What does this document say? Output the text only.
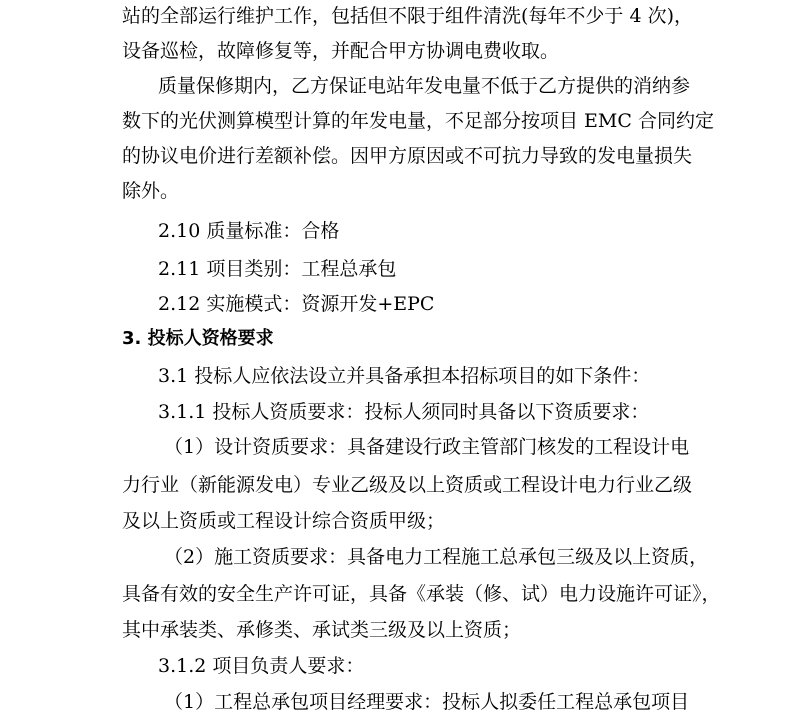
站的全部运行维护工作，包括但不限于组件清洗(每年不少于 4 次)，
设备巡检，故障修复等，并配合甲方协调电费收取。
质量保修期内，乙方保证电站年发电量不低于乙方提供的消纳参
数下的光伏测算模型计算的年发电量，不足部分按项目 EMC 合同约定
的协议电价进行差额补偿。因甲方原因或不可抗力导致的发电量损失
除外。
2.10 质量标准：合格
2.11 项目类别：工程总承包
2.12 实施模式：资源开发+EPC
3. 投标人资格要求
3.1 投标人应依法设立并具备承担本招标项目的如下条件：
3.1.1 投标人资质要求：投标人须同时具备以下资质要求：
（1）设计资质要求：具备建设行政主管部门核发的工程设计电
力行业（新能源发电）专业乙级及以上资质或工程设计电力行业乙级
及以上资质或工程设计综合资质甲级；
（2）施工资质要求：具备电力工程施工总承包三级及以上资质，
具备有效的安全生产许可证，具备《承装（修、试）电力设施许可证》，
其中承装类、承修类、承试类三级及以上资质；
3.1.2 项目负责人要求：
（1）工程总承包项目经理要求：投标人拟委任工程总承包项目
